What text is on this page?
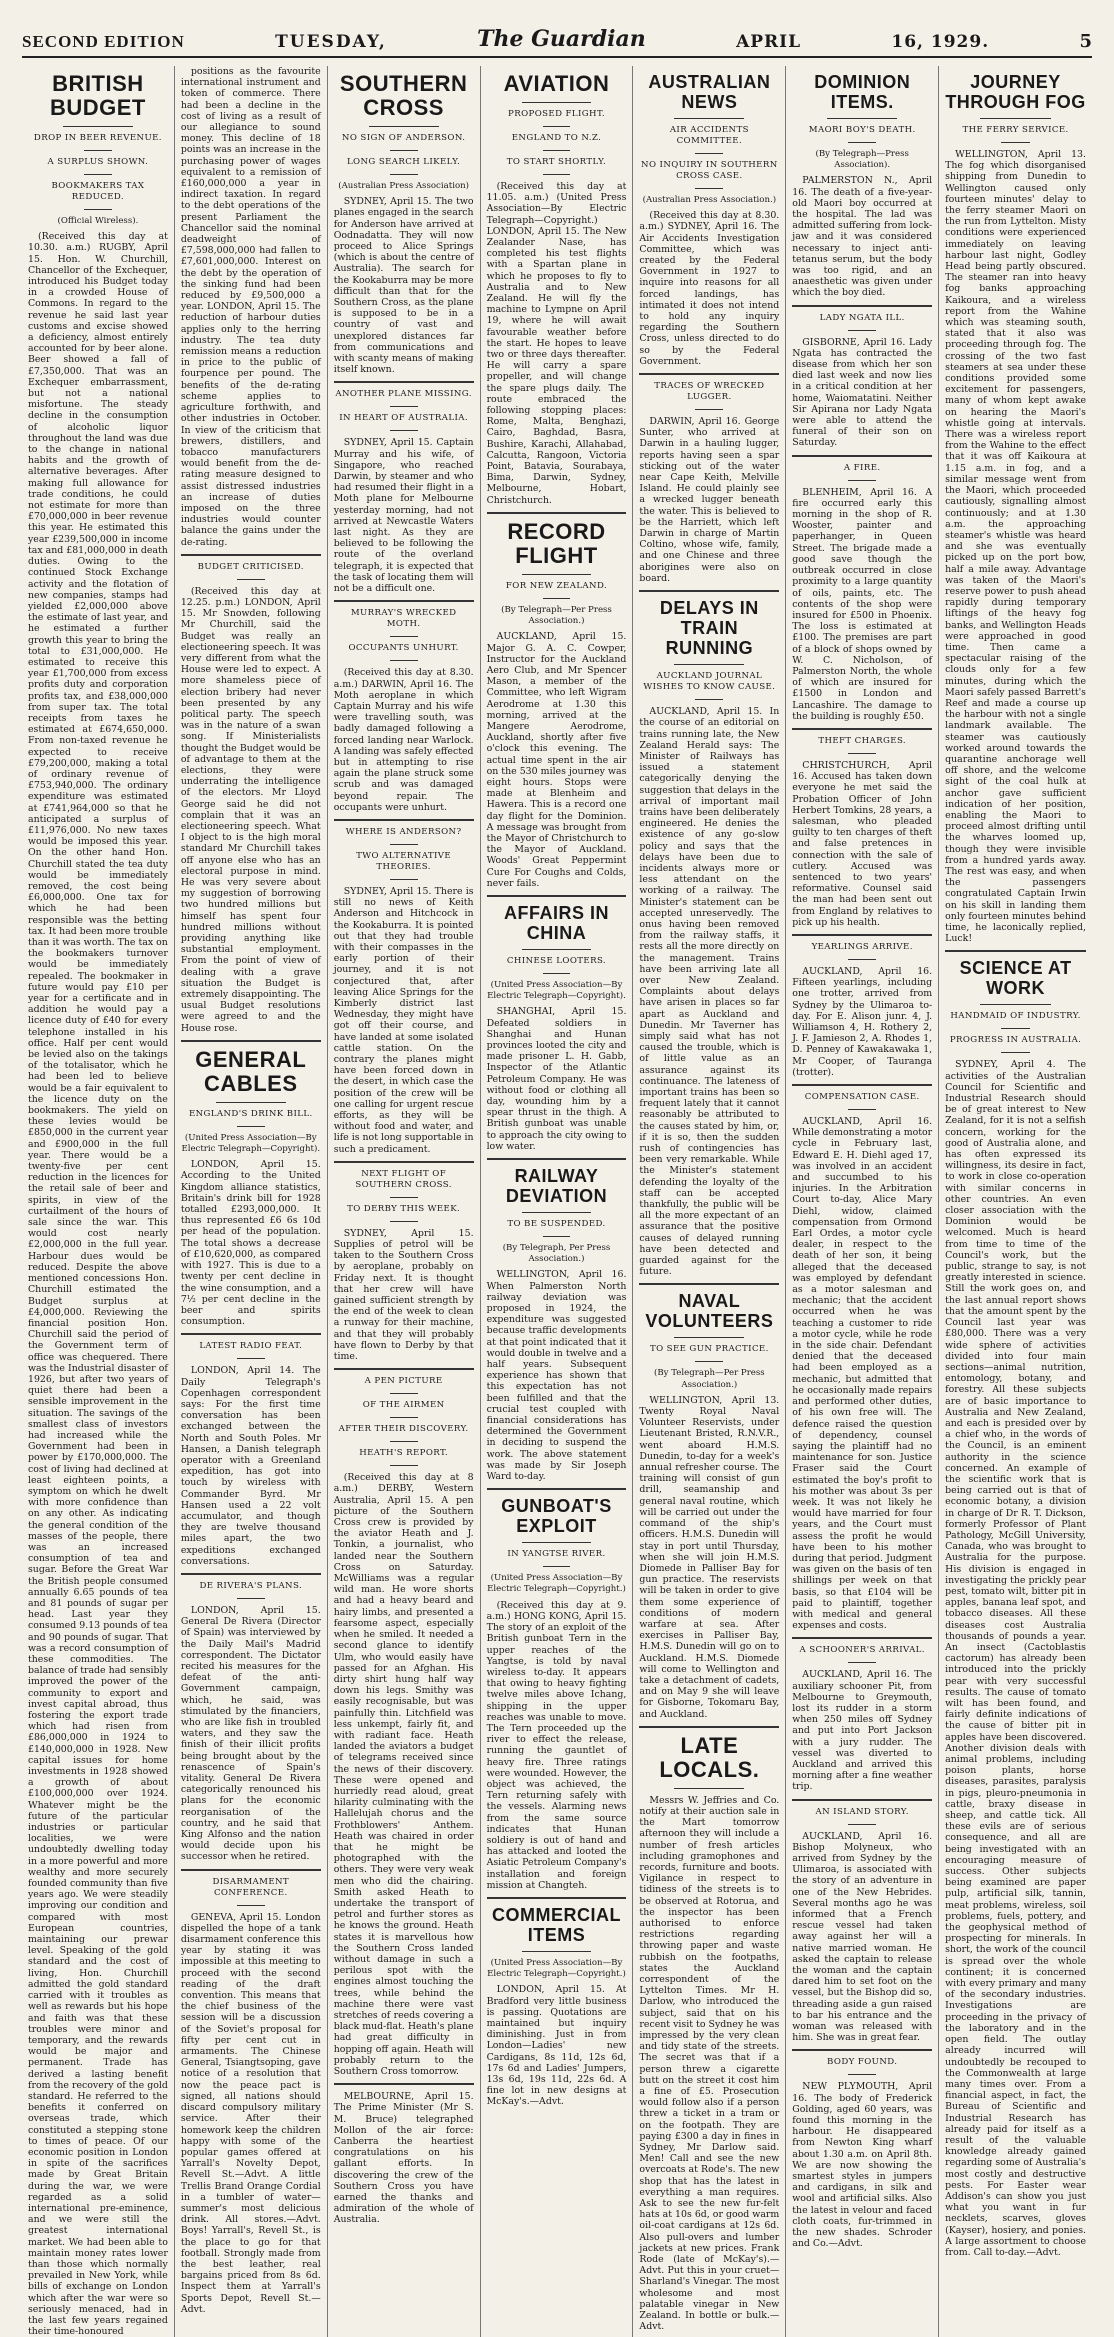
SECOND EDITION	TUESDAY,	The Guardian	APRIL	16, 1929.	5
BRITISH BUDGET
DROP IN BEER REVENUE.
A SURPLUS SHOWN.
BOOKMAKERS TAX REDUCED.
(Official Wireless).

(Received this day at 10.30. a.m.) RUGBY, April 15. Hon. W. Churchill, Chancellor of the Exchequer, introduced his Budget today in a crowded House of Commons. In regard to the revenue he said last year customs and excise showed a deficiency, almost entirely accounted for by beer alone. Beer showed a fall of £7,350,000. That was an Exchequer embarrassment, but not a national misfortune. The steady decline in the consumption of alcoholic liquor throughout the land was due to the change in national habits and the growth of alternative beverages. After making full allowance for trade conditions, he could not estimate for more than £70,000,000 in beer revenue this year. He estimated this year £239,500,000 in income tax and £81,000,000 in death duties. Owing to the continued Stock Exchange activity and the flotation of new companies, stamps had yielded £2,000,000 above the estimate of last year, and he estimated a further growth this year to bring the total to £31,000,000. He estimated to receive this year £1,700,000 from excess profits duty and corporation profits tax, and £38,000,000 from super tax. The total receipts from taxes he estimated at £674,650,000. From non-taxed revenue he expected to receive £79,200,000, making a total of ordinary revenue of £753,940,000. The ordinary expenditure was estimated at £741,964,000 so that he anticipated a surplus of £11,976,000. No new taxes would be imposed this year. On the other hand Hon. Churchill stated the tea duty would be immediately removed, the cost being £6,000,000. One tax for which he had been responsible was the betting tax. It had been more trouble than it was worth. The tax on the bookmakers turnover would be immediately repealed. The bookmaker in future would pay £10 per year for a certificate and in addition he would pay a licence duty of £40 for every telephone installed in his office. Half per cent would be levied also on the takings of the totalisator, which he had been led to believe would be a fair equivalent to the licence duty on the bookmakers. The yield on these levies would be £850,000 in the current year and £900,000 in the full year. There would be a twenty-five per cent reduction in the licences for the retail sale of beer and spirits, in view of the curtailment of the hours of sale since the war. This would cost nearly £2,000,000 in the full year. Harbour dues would be reduced. Despite the above mentioned concessions Hon. Churchill estimated the Budget surplus at £4,000,000. Reviewing the financial position Hon. Churchill said the period of the Government term of office was chequered. There was the Industrial disaster of 1926, but after two years of quiet there had been a sensible improvement in the situation. The savings of the smallest class of investors had increased while the Government had been in power by £170,000,000. The cost of living had declined at least eighteen points, a symptom on which he dwelt with more confidence than on any other. As indicating the general condition of the masses of the people, there was an increased consumption of tea and sugar. Before the Great War the British people consumed annually 6.65 pounds of tea and 81 pounds of sugar per head. Last year they consumed 9.13 pounds of tea and 90 pounds of sugar. That was a record consumption of these commodities. The balance of trade had sensibly improved the power of the community to export and invest capital abroad, thus fostering the export trade which had risen from £86,000,000 in 1924 to £140,000,000 in 1928. New capital issues for home investments in 1928 showed a growth of about £100,000,000 over 1924. Whatever might be the future of the particular industries or particular localities, we were undoubtedly dwelling today in a more powerful and more wealthy and more securely founded community than five years ago. We were steadily improving our condition and compared with most European countries, maintaining our prewar level. Speaking of the gold standard and the cost of living, Hon. Churchill admitted the gold standard carried with it troubles as well as rewards but his hope and faith was that these troubles were minor and temporary, and the rewards would be major and permanent. Trade has derived a lasting benefit from the recovery of the gold standard. He referred to the benefits it conferred on overseas trade, which constituted a stepping stone to times of peace. Of our economic position in London in spite of the sacrifices made by Great Britain during the war, we were regarded as a solid international pre-eminence, and we were still the greatest international market. We had been able to maintain money rates lower than those which normally prevailed in New York, while bills of exchange on London which after the war were so seriously menaced, had in the last few years regained their time-honoured

positions as the favourite international instrument and token of commerce. There had been a decline in the cost of living as a result of our allegiance to sound money. This decline of 18 points was an increase in the purchasing power of wages equivalent to a remission of £160,000,000 a year in indirect taxation. In regard to the debt operations of the present Parliament the Chancellor said the nominal deadweight of £7,598,000,000 had fallen to £7,601,000,000. Interest on the debt by the operation of the sinking fund had been reduced by £9,500,000 a year. LONDON, April 15. The reduction of harbour duties applies only to the herring industry. The tea duty remission means a reduction in price to the public of fourpence per pound. The benefits of the de-rating scheme applies to agriculture forthwith, and other industries in October. In view of the criticism that brewers, distillers, and tobacco manufacturers would benefit from the de-rating measure designed to assist distressed industries an increase of duties imposed on the three industries would counter balance the gains under the de-rating.

BUDGET CRITICISED.

(Received this day at 12.25. p.m.) LONDON, April 15. Mr Snowden, following Mr Churchill, said the Budget was really an electioneering speech. It was very different from what the House were led to expect. A more shameless piece of election bribery had never been presented by any political party. The speech was in the nature of a swan song. If Ministerialists thought the Budget would be of advantage to them at the elections, they were underrating the intelligence of the electors. Mr Lloyd George said he did not complain that it was an electioneering speech. What I object to is the high moral standard Mr Churchill takes off anyone else who has an electoral purpose in mind. He was very severe about my suggestion of borrowing two hundred millions but himself has spent four hundred millions without providing anything like substantial employment. From the point of view of dealing with a grave situation the Budget is extremely disappointing. The usual Budget resolutions were agreed to and the House rose.

GENERAL CABLES
ENGLAND'S DRINK BILL.
(United Press Association—By Electric Telegraph—Copyright).

LONDON, April 15. According to the United Kingdom alliance statistics, Britain's drink bill for 1928 totalled £293,000,000. It thus represented £6 6s 10d per head of the population. The total shows a decrease of £10,620,000, as compared with 1927. This is due to a twenty per cent decline in the wine consumption, and a 7½ per cent decline in the beer and spirits consumption.

LATEST RADIO FEAT.

LONDON, April 14. The Daily Telegraph's Copenhagen correspondent says: For the first time conversation has been exchanged between the North and South Poles. Mr Hansen, a Danish telegraph operator with a Greenland expedition, has got into touch by wireless with Commander Byrd. Mr Hansen used a 22 volt accumulator, and though they are twelve thousand miles apart, the two expeditions exchanged conversations.

DE RIVERA'S PLANS.

LONDON, April 15. General De Rivera (Director of Spain) was interviewed by the Daily Mail's Madrid correspondent. The Dictator recited his measures for the defeat of the anti-Government campaign, which, he said, was stimulated by the financiers, who are like fish in troubled waters, and they saw the finish of their illicit profits being brought about by the renascence of Spain's vitality. General De Rivera categorically renounced his plans for the economic reorganisation of the country, and he said that King Alfonso and the nation would decide upon his successor when he retired.

DISARMAMENT CONFERENCE.

GENEVA, April 15. London dispelled the hope of a tank disarmament conference this year by stating it was impossible at this meeting to proceed with the second reading of the draft convention. This means that the chief business of the session will be a discussion of the Soviet's proposal for fifty per cent cut in armaments. The Chinese General, Tsiangtsoping, gave notice of a resolution that now the peace pact is signed, all nations should discard compulsory military service. After their homework keep the children happy with some of the popular games offered at Yarrall's Novelty Depot, Revell St.—Advt. A little Trellis Brand Orange Cordial in a tumbler of water—summer's most delicious drink. All stores.—Advt. Boys! Yarrall's, Revell St., is the place to go for that football. Strongly made from the best leather, real bargains priced from 8s 6d. Inspect them at Yarrall's Sports Depot, Revell St.—Advt.

SOUTHERN CROSS
NO SIGN OF ANDERSON.
LONG SEARCH LIKELY.
(Australian Press Association)

SYDNEY, April 15. The two planes engaged in the search for Anderson have arrived at Oodnadatta. They will now proceed to Alice Springs (which is about the centre of Australia). The search for the Kookaburra may be more difficult than that for the Southern Cross, as the plane is supposed to be in a country of vast and unexplored distances far from communications and with scanty means of making itself known.

ANOTHER PLANE MISSING.
IN HEART OF AUSTRALIA.

SYDNEY, April 15. Captain Murray and his wife, of Singapore, who reached Darwin, by steamer and who had resumed their flight in a Moth plane for Melbourne yesterday morning, had not arrived at Newcastle Waters last night. As they are believed to be following the route of the overland telegraph, it is expected that the task of locating them will not be a difficult one.

MURRAY'S WRECKED MOTH.
OCCUPANTS UNHURT.

(Received this day at 8.30. a.m.) DARWIN, April 16. The Moth aeroplane in which Captain Murray and his wife were travelling south, was badly damaged following a forced landing near Warlock. A landing was safely effected but in attempting to rise again the plane struck some scrub and was damaged beyond repair. The occupants were unhurt.

WHERE IS ANDERSON?
TWO ALTERNATIVE THEORIES.

SYDNEY, April 15. There is still no news of Keith Anderson and Hitchcock in the Kookaburra. It is pointed out that they had trouble with their compasses in the early portion of their journey, and it is not conjectured that, after leaving Alice Springs for the Kimberly district last Wednesday, they might have got off their course, and have landed at some isolated cattle station. On the contrary the planes might have been forced down in the desert, in which case the position of the crew will be one calling for urgent rescue efforts, as they will be without food and water, and life is not long supportable in such a predicament.

NEXT FLIGHT OF SOUTHERN CROSS.
TO DERBY THIS WEEK.

SYDNEY, April 15. Supplies of petrol will be taken to the Southern Cross by aeroplane, probably on Friday next. It is thought that her crew will have gained sufficient strength by the end of the week to clean a runway for their machine, and that they will probably have flown to Derby by that time.

A PEN PICTURE
OF THE AIRMEN
AFTER THEIR DISCOVERY.
HEATH'S REPORT.

(Received this day at 8 a.m.) DERBY, Western Australia, April 15. A pen picture of the Southern Cross crew is provided by the aviator Heath and J. Tonkin, a journalist, who landed near the Southern Cross on Saturday. McWilliams was a regular wild man. He wore shorts and had a heavy beard and hairy limbs, and presented a fearsome aspect, especially when he smiled. It needed a second glance to identify Ulm, who would easily have passed for an Afghan. His dirty shirt hung half way down his legs. Smithy was easily recognisable, but was painfully thin. Litchfield was less unkempt, fairly fit, and with radiant face. Heath landed the aviators a budget of telegrams received since the news of their discovery. These were opened and hurriedly read aloud, great hilarity culminating with the Hallelujah chorus and the Frothblowers' Anthem. Heath was chaired in order that he might be photographed with the others. They were very weak men who did the chairing. Smith asked Heath to undertake the transport of petrol and further stores as he knows the ground. Heath states it is marvellous how the Southern Cross landed without damage in such a perilous spot with the engines almost touching the trees, while behind the machine there were vast stretches of reeds covering a black mud-flat. Heath's plane had great difficulty in hopping off again. Heath will probably return to the Southern Cross tomorrow.

MELBOURNE, April 15. The Prime Minister (Mr S. M. Bruce) telegraphed Mollon of the air force: Canberra the heartiest congratulations on his gallant efforts. In discovering the crew of the Southern Cross you have earned the thanks and admiration of the whole of Australia.

AVIATION
PROPOSED FLIGHT.
ENGLAND TO N.Z.
TO START SHORTLY.

(Received this day at 11.05. a.m.) (United Press Association—By Electric Telegraph—Copyright.) LONDON, April 15. The New Zealander Nase, has completed his test flights with a Spartan plane in which he proposes to fly to Australia and to New Zealand. He will fly the machine to Lympne on April 19, where he will await favourable weather before the start. He hopes to leave two or three days thereafter. He will carry a spare propeller, and will change the spare plugs daily. The route embraced the following stopping places: Rome, Malta, Benghazi, Cairo, Baghdad, Basra, Bushire, Karachi, Allahabad, Calcutta, Rangoon, Victoria Point, Batavia, Sourabaya, Bima, Darwin, Sydney, Melbourne, Hobart, Christchurch.

RECORD FLIGHT
FOR NEW ZEALAND.
(By Telegraph—Per Press Association.)

AUCKLAND, April 15. Major G. A. C. Cowper, Instructor for the Auckland Aero Club, and Mr Spencer Mason, a member of the Committee, who left Wigram Aerodrome at 1.30 this morning, arrived at the Mangere Aerodrome, Auckland, shortly after five o'clock this evening. The actual time spent in the air on the 530 miles journey was eight hours. Stops were made at Blenheim and Hawera. This is a record one day flight for the Dominion. A message was brought from the Mayor of Christchurch to the Mayor of Auckland. Woods' Great Peppermint Cure For Coughs and Colds, never fails.

AFFAIRS IN CHINA
CHINESE LOOTERS.
(United Press Association—By Electric Telegraph—Copyright).

SHANGHAI, April 15. Defeated soldiers in Shanghai and Hunan provinces looted the city and made prisoner L. H. Gabb, Inspector of the Atlantic Petroleum Company. He was without food or clothing all day, wounding him by a spear thrust in the thigh. A British gunboat was unable to approach the city owing to low water.

RAILWAY DEVIATION
TO BE SUSPENDED.
(By Telegraph, Per Press Association.)

WELLINGTON, April 16. When Palmerston North railway deviation was proposed in 1924, the expenditure was suggested because traffic developments at that point indicated that it would double in twelve and a half years. Subsequent experience has shown that this expectation has not been fulfilled and that the crucial test coupled with financial considerations has determined the Government in deciding to suspend the work. The above statement was made by Sir Joseph Ward to-day.

GUNBOAT'S EXPLOIT
IN YANGTSE RIVER.
(United Press Association—By Electric Telegraph—Copyright.)

(Received this day at 9. a.m.) HONG KONG, April 15. The story of an exploit of the British gunboat Tern in the upper reaches of the Yangtse, is told by naval wireless to-day. It appears that owing to heavy fighting twelve miles above Ichang, shipping in the upper reaches was unable to move. The Tern proceeded up the river to effect the release, running the gauntlet of heavy fire. Three ratings were wounded. However, the object was achieved, the Tern returning safely with the vessels. Alarming news from the same source indicates that Hunan soldiery is out of hand and has attacked and looted the Asiatic Petroleum Company's installation and foreign mission at Changteh.

COMMERCIAL ITEMS
(United Press Association—By Electric Telegraph—Copyright.)

LONDON, April 15. At Bradford very little business is passing. Quotations are maintained but inquiry diminishing. Just in from London—Ladies' new Cardigans, 8s 11d, 12s 6d, 17s 6d and Ladies' Jumpers, 13s 6d, 19s 11d, 22s 6d. A fine lot in new designs at McKay's.—Advt.

AUSTRALIAN NEWS
AIR ACCIDENTS COMMITTEE.
NO INQUIRY IN SOUTHERN CROSS CASE.
(Australian Press Association.)

(Received this day at 8.30. a.m.) SYDNEY, April 16. The Air Accidents Investigation Committee, which was created by the Federal Government in 1927 to inquire into reasons for all forced landings, has intimated it does not intend to hold any inquiry regarding the Southern Cross, unless directed to do so by the Federal Government.

TRACES OF WRECKED LUGGER.

DARWIN, April 16. George Sunter, who arrived at Darwin in a hauling lugger, reports having seen a spar sticking out of the water near Cape Keith, Melville Island. He could plainly see a wrecked lugger beneath the water. This is believed to be the Harriett, which left Darwin in charge of Martin Coltino, whose wife, family, and one Chinese and three aborigines were also on board.

DELAYS IN TRAIN RUNNING
AUCKLAND JOURNAL WISHES TO KNOW CAUSE.

AUCKLAND, April 15. In the course of an editorial on trains running late, the New Zealand Herald says: The Minister of Railways has issued a statement categorically denying the suggestion that delays in the arrival of important mail trains have been deliberately engineered. He denies the existence of any go-slow policy and says that the delays have been due to incidents always more or less attendant on the working of a railway. The Minister's statement can be accepted unreservedly. The onus having been removed from the railway staffs, it rests all the more directly on the management. Trains have been arriving late all over New Zealand. Complaints about delays have arisen in places so far apart as Auckland and Dunedin. Mr Taverner has simply said what has not caused the trouble, which is of little value as an assurance against its continuance. The lateness of important trains has been so frequent lately that it cannot reasonably be attributed to the causes stated by him, or, if it is so, then the sudden rush of contingencies has been very remarkable. While the Minister's statement defending the loyalty of the staff can be accepted thankfully, the public will be all the more expectant of an assurance that the positive causes of delayed running have been detected and guarded against for the future.

NAVAL VOLUNTEERS
TO SEE GUN PRACTICE.
(By Telegraph—Per Press Association.)

WELLINGTON, April 13. Twenty Royal Naval Volunteer Reservists, under Lieutenant Bristed, R.N.V.R., went aboard H.M.S. Dunedin, to-day for a week's annual refresher course. The training will consist of gun drill, seamanship and general naval routine, which will be carried out under the command of the ship's officers. H.M.S. Dunedin will stay in port until Thursday, when she will join H.M.S. Diomede in Palliser Bay for gun practice. The reservists will be taken in order to give them some experience of conditions of modern warfare at sea. After exercises in Palliser Bay, H.M.S. Dunedin will go on to Auckland. H.M.S. Diomede will come to Wellington and take a detachment of cadets, and on May 9 she will leave for Gisborne, Tokomaru Bay, and Auckland.

LATE LOCALS.

Messrs W. Jeffries and Co. notify at their auction sale in the Mart tomorrow afternoon they will include a number of fresh articles including gramophones and records, furniture and boots. Vigilance in respect to tidiness of the streets is to be observed at Rotorua, and the inspector has been authorised to enforce restrictions regarding throwing paper and waste rubbish on the footpaths, states the Auckland correspondent of the Lyttelton Times. Mr H. Darlow, who introduced the subject, said that on his recent visit to Sydney he was impressed by the very clean and tidy state of the streets. The secret was that if a person threw a cigarette butt on the street it cost him a fine of £5. Prosecution would follow also if a person threw a ticket in a tram or on the footpath. They are paying £300 a day in fines in Sydney, Mr Darlow said. Men! Call and see the new overcoats at Rode's. The new shop that has the latest in everything a man requires. Ask to see the new fur-felt hats at 10s 6d, or good warm oil-coat cardigans at 12s 6d. Also pull-overs and lumber jackets at new prices. Frank Rode (late of McKay's).—Advt. Put this in your cruet—Sharland's Vinegar. The most wholesome and most palatable vinegar in New Zealand. In bottle or bulk.—Advt.

DOMINION ITEMS.
MAORI BOY'S DEATH.
(By Telegraph—Press Association).

PALMERSTON N., April 16. The death of a five-year-old Maori boy occurred at the hospital. The lad was admitted suffering from lock-jaw and it was considered necessary to inject anti-tetanus serum, but the body was too rigid, and an anaesthetic was given under which the boy died.

LADY NGATA ILL.

GISBORNE, April 16. Lady Ngata has contracted the disease from which her son died last week and now lies in a critical condition at her home, Waiomatatini. Neither Sir Apirana nor Lady Ngata were able to attend the funeral of their son on Saturday.

A FIRE.

BLENHEIM, April 16. A fire occurred early this morning in the shop of R. Wooster, painter and paperhanger, in Queen Street. The brigade made a good save though the outbreak occurred in close proximity to a large quantity of oils, paints, etc. The contents of the shop were insured for £500 in Phoenix. The loss is estimated at £100. The premises are part of a block of shops owned by W. C. Nicholson, of Palmerston North, the whole of which are insured for £1500 in London and Lancashire. The damage to the building is roughly £50.

THEFT CHARGES.

CHRISTCHURCH, April 16. Accused has taken down everyone he met said the Probation Officer of John Herbert Tomkins, 28 years, a salesman, who pleaded guilty to ten charges of theft and false pretences in connection with the sale of cutlery. Accused was sentenced to two years' reformative. Counsel said the man had been sent out from England by relatives to pick up his health.

YEARLINGS ARRIVE.

AUCKLAND, April 16. Fifteen yearlings, including one trotter, arrived from Sydney by the Ulimaroa to-day. For E. Alison junr. 4, J. Williamson 4, H. Rothery 2, J. F. Jamieson 2, A. Rhodes 1, D. Penney of Kawakawaka 1, Mr Cooper, of Tauranga (trotter).

COMPENSATION CASE.

AUCKLAND, April 16. While demonstrating a motor cycle in February last, Edward E. H. Diehl aged 17, was involved in an accident and succumbed to his injuries. In the Arbitration Court to-day, Alice Mary Diehl, widow, claimed compensation from Ormond Earl Ordes, a motor cycle dealer, in respect to the death of her son, it being alleged that the deceased was employed by defendant as a motor salesman and mechanic; that the accident occurred when he was teaching a customer to ride a motor cycle, while he rode in the side chair. Defendant denied that the deceased had been employed as a mechanic, but admitted that he occasionally made repairs and performed other duties, of his own free will. The defence raised the question of dependency, counsel saying the plaintiff had no maintenance for son. Justice Fraser said the Court estimated the boy's profit to his mother was about 3s per week. It was not likely he would have married for four years, and the Court must assess the profit he would have been to his mother during that period. Judgment was given on the basis of ten shillings per week on that basis, so that £104 will be paid to plaintiff, together with medical and general expenses and costs.

A SCHOONER'S ARRIVAL.

AUCKLAND, April 16. The auxiliary schooner Pit, from Melbourne to Greymouth, lost its rudder in a storm when 250 miles off Sydney and put into Port Jackson with a jury rudder. The vessel was diverted to Auckland and arrived this morning after a fine weather trip.

AN ISLAND STORY.

AUCKLAND, April 16. Bishop Molyneux, who arrived from Sydney by the Ulimaroa, is associated with the story of an adventure in one of the New Hebrides. Several months ago he was informed that a French rescue vessel had taken away against her will a native married woman. He asked the captain to release the woman and the captain dared him to set foot on the vessel, but the Bishop did so, threading aside a gun raised to bar his entrance and the woman was released with him. She was in great fear.

BODY FOUND.

NEW PLYMOUTH, April 16. The body of Frederick Golding, aged 60 years, was found this morning in the harbour. He disappeared from Newton King wharf about 1.30 a.m. on April 8th. We are now showing the smartest styles in jumpers and cardigans, in silk and wool and artificial silks. Also the latest in velour and faced cloth coats, fur-trimmed in the new shades. Schroder and Co.—Advt.

JOURNEY THROUGH FOG
THE FERRY SERVICE.

WELLINGTON, April 13. The fog which disorganised shipping from Dunedin to Wellington caused only fourteen minutes' delay to the ferry steamer Maori on the run from Lyttelton. Misty conditions were experienced immediately on leaving harbour last night, Godley Head being partly obscured. The steamer ran into heavy fog banks approaching Kaikoura, and a wireless report from the Wahine which was steaming south, stated that it also was proceeding through fog. The crossing of the two fast steamers at sea under these conditions provided some excitement for passengers, many of whom kept awake on hearing the Maori's whistle going at intervals. There was a wireless report from the Wahine to the effect that it was off Kaikoura at 1.15 a.m. in fog, and a similar message went from the Maori, which proceeded cautiously, signalling almost continuously; and at 1.30 a.m. the approaching steamer's whistle was heard and she was eventually picked up on the port bow, half a mile away. Advantage was taken of the Maori's reserve power to push ahead rapidly during temporary liftings of the heavy fog banks, and Wellington Heads were approached in good time. Then came a spectacular raising of the clouds only for a few minutes, during which the Maori safely passed Barrett's Reef and made a course up the harbour with not a single landmark available. The steamer was cautiously worked around towards the quarantine anchorage well off shore, and the welcome sight of the coal hulk at anchor gave sufficient indication of her position, enabling the Maori to proceed almost drifting until the wharves loomed up, though they were invisible from a hundred yards away. The rest was easy, and when the passengers congratulated Captain Irwin on his skill in landing them only fourteen minutes behind time, he laconically replied, Luck!

SCIENCE AT WORK
HANDMAID OF INDUSTRY.
PROGRESS IN AUSTRALIA.

SYDNEY, April 4. The activities of the Australian Council for Scientific and Industrial Research should be of great interest to New Zealand, for it is not a selfish concern, working for the good of Australia alone, and has often expressed its willingness, its desire in fact, to work in close co-operation with similar concerns in other countries. An even closer association with the Dominion would be welcomed. Much is heard from time to time of the Council's work, but the public, strange to say, is not greatly interested in science. Still the work goes on, and the last annual report shows that the amount spent by the Council last year was £80,000. There was a very wide sphere of activities divided into four main sections—animal nutrition, entomology, botany, and forestry. All these subjects are of basic importance to Australia and New Zealand, and each is presided over by a chief who, in the words of the Council, is an eminent authority in the science concerned. An example of the scientific work that is being carried out is that of economic botany, a division in charge of Dr R. T. Dickson, formerly Professor of Plant Pathology, McGill University, Canada, who was brought to Australia for the purpose. His division is engaged in investigating the prickly pear pest, tomato wilt, bitter pit in apples, banana leaf spot, and tobacco diseases. All these diseases cost Australia thousands of pounds a year. An insect (Cactoblastis cactorum) has already been introduced into the prickly pear with very successful results. The cause of tomato wilt has been found, and fairly definite indications of the cause of bitter pit in apples have been discovered. Another division deals with animal problems, including poison plants, horse diseases, parasites, paralysis in pigs, pleuro-pneumonia in cattle, braxy disease in sheep, and cattle tick. All these evils are of serious consequence, and all are being investigated with an encouraging measure of success. Other subjects being examined are paper pulp, artificial silk, tannin, meat problems, wireless, soil problems, fuels, pottery, and the geophysical method of prospecting for minerals. In short, the work of the council is spread over the whole continent; it is concerned with every primary and many of the secondary industries. Investigations are proceeding in the privacy of the laboratory and in the open field. The outlay already incurred will undoubtedly be recouped to the Commonwealth at large many times over. From a financial aspect, in fact, the Bureau of Scientific and Industrial Research has already paid for itself as a result of the valuable knowledge already gained regarding some of Australia's most costly and destructive pests. For Easter wear Addison's can show you just what you want in fur necklets, scarves, gloves (Kayser), hosiery, and ponies. A large assortment to choose from. Call to-day.—Advt.
